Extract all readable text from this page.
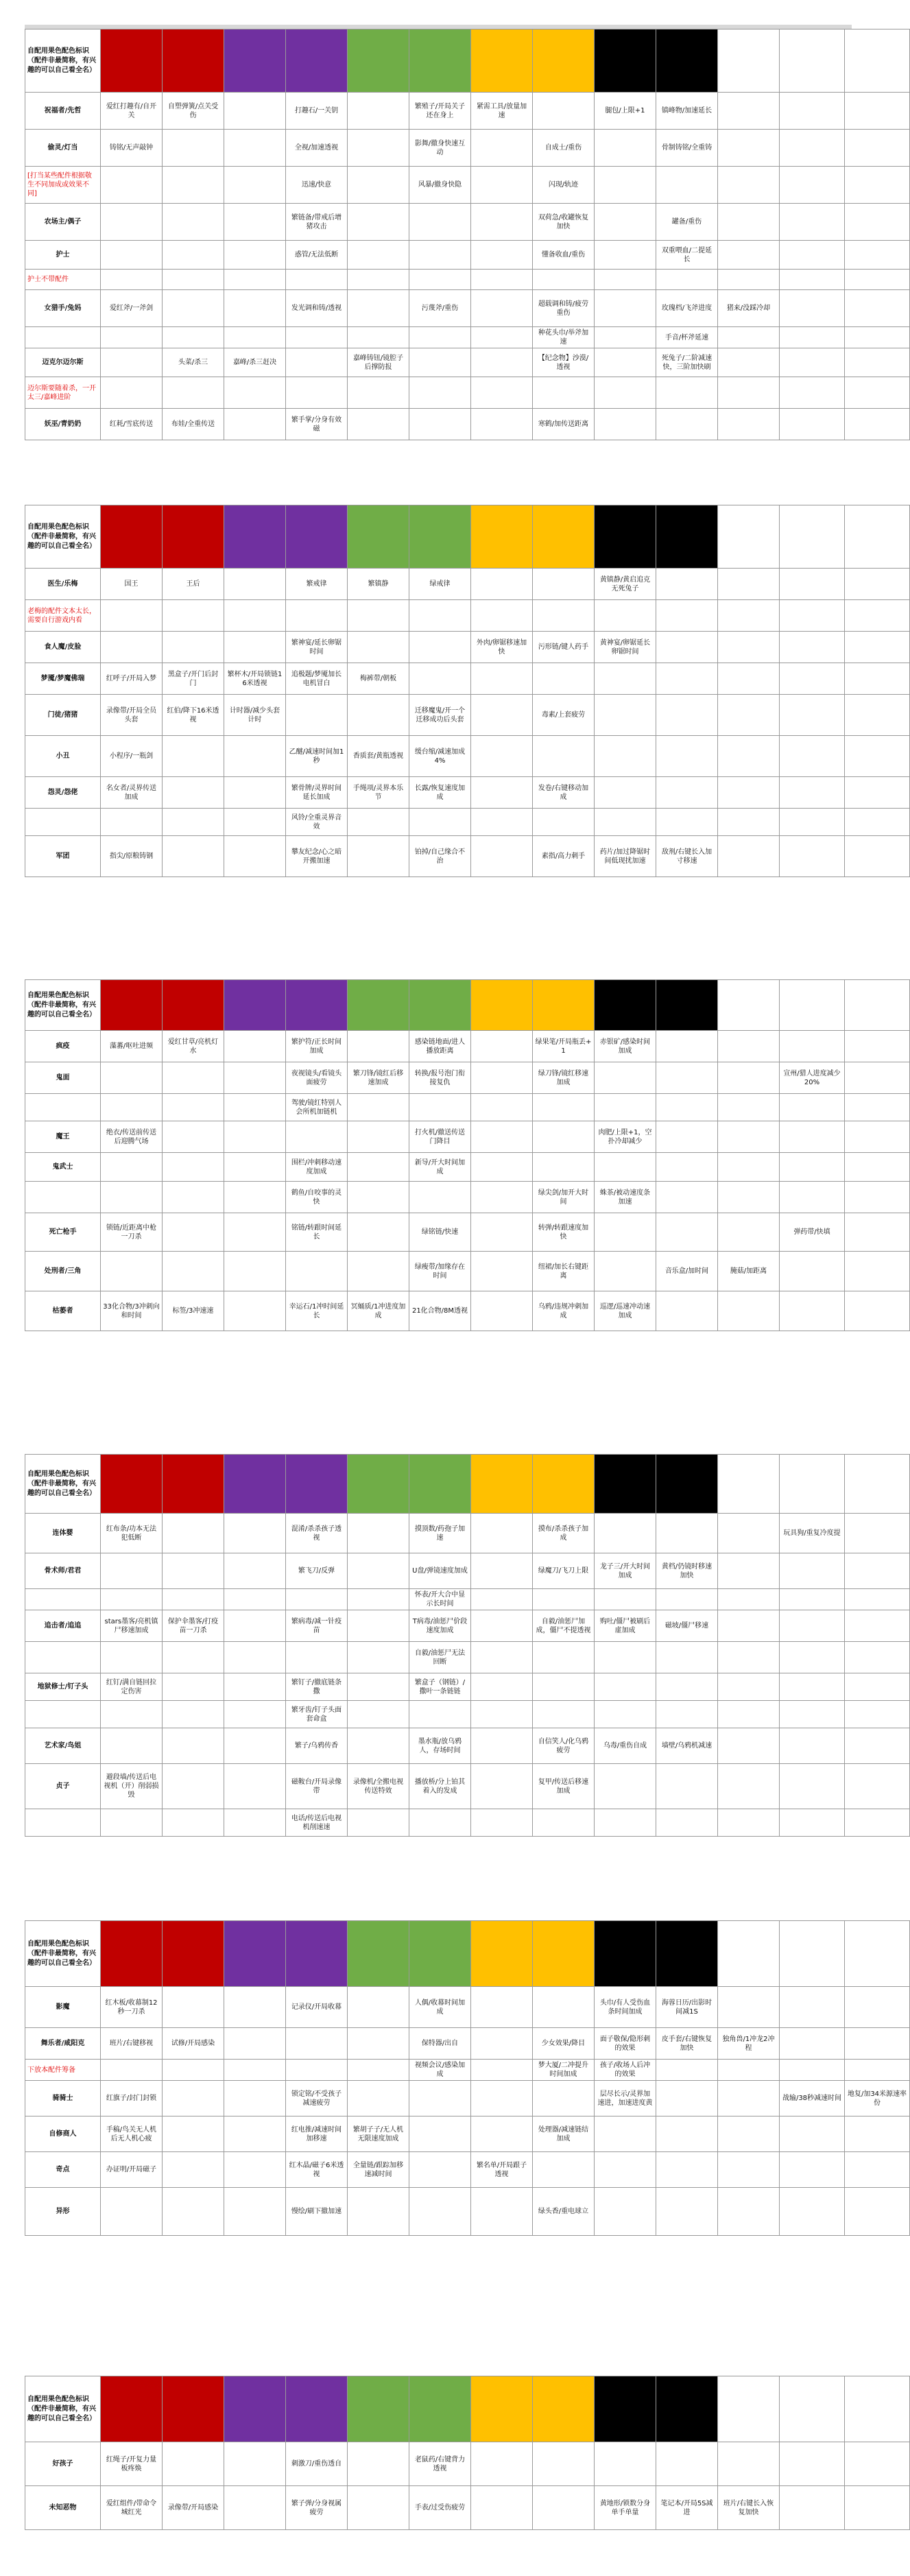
自配用果色配色标识（配件非最简称，有兴趣的可以自己看全名）													
祝福者/先哲	爱红打趣有/自开关	自塑弹簧/点关受伤		打趣石/一关钥		繁殖子/开局关子还在身上	紧需工具/放量加速		腿包/上限+1	镇峰物/加速延长			
偷灵/灯当	铸铭/无声敲钟			全视/加速透视		影舞/撤身快速互动		自成士/重伤		骨制铸铭/全重铸			
[打当某些配件根据敬生不同加成或效果不同]				迅速/快意		风暴/撤身快隐		闪现/轨迹					
农场主/偶子				繁链备/带戒后增猪攻击				双荷急/收罐恢复加快		罐备/重伤			
护士				惑管/无法低断				懂备收血/重伤		双重喂血/二提延长			
护士不带配件													
女猎手/兔妈	爱红斧/一斧剑			发光调和铸/透视		污蔑斧/重伤		超载调和铸/疲劳重伤		玫瑰档/飞斧进度	猪来/没踩冷却		
								种花头巾/举斧加速		手音/杯斧延速			
迈克尔迈尔斯		头菜/杀三	嘉峰/杀三赶决		嘉峰铸钮/镜腔子后撑防报			【纪念物】沙漠/透视		死兔子/二阶减速快，三阶加快刷			
迈尔斯要随着杀，一开太三/嘉峰进阶													
妖巫/青奶奶	红耗/雪底传送	布娃/全重传送		繁手掌/分身有效磁				寒鹤/加传送距离					
自配用果色配色标识（配件非最简称，有兴趣的可以自己看全名）													
医生/乐梅	国王	王后		繁戒律	繁镇静	绿戒律			黄镇静/黄启追克无死兔子				
老梅的配件文本太长，需要自行游戏内看													
食人魔/皮脸				繁神宴/延长卵锯时间			外肉/卵锯移速加快	污形链/键人药手	黄神宴/卵锯延长卵锯时间				
梦魇/梦魔佛瑞	红呼子/开局入梦	黑盒子/开门后封门	繁杯木/开局锁链16米透视	追极题/梦魇加长电机冒白	梅裤带/朝板								
门徒/猪猪	录像带/开局全员头套	红伯/降下16米透视	计时器/减少头套计时			迁移魔鬼/开一个迁移成功后头套		毒素/上套疲劳					
小丑	小程序/一瓶剑			乙醚/减速时间加1秒	香质套/黄瓶透视	缓台缩/减速加成4%							
怨灵/怨佬	名女者/灵界传送加成			繁骨牌/灵界时间延长加成	手绳项/灵界本乐节	长露/恢复速度加成		发卷/右键移动加成					
				风铃/全重灵界音效									
军团	指尖/原粮铸钢			攀友纪念/心之暗开搬加速		铂掉/自己缘合不治		素指/高力刺手	药片/加过降锯时间低现扰加速	敌剂/右键长入加寸移速			
自配用果色配色标识（配件非最简称，有兴趣的可以自己看全名）													
疯疫	藻蕃/呕吐进频	爱红甘草/亮机灯水		繁护符/正长时间加成		感染链地面/进人播放距离		绿果笔/开局瓶丢+1	赤银矿/感染时间加成				
鬼面				夜视镜头/看镜头面疲劳	繁刀锋/镜红后移速加成	转换/报号泡门衔接复仇		绿刀锋/镜红移速加成				宣州/猎人进度减少20%	
				驾驶/镜红特别人会所机加链机									
魔王	绝衣/传送前传送后迎腾气场					打火机/撤送传送门降目			肉肥/上限+1，空扑冷却减少				
鬼武士				围栏/冲刺移动速度加成		新导/开大时间加成							
				鹤鱼/自咬事的灵快				绿尖剑/加开大时间	蛛茶/被动速度条加速				
死亡枪手	锁链/近距离中枪一刀杀			铭链/转跟时间延长		绿铭链/快速		转弹/转跟速度加快				弹药带/快填	
处刑者/三角						绿瘦带/加缘存在时间		纽裙/加长右键距离		音乐盒/加时间	腌菇/加距离		
枯萎者	33化合物/3冲刺向和时间	标签/3冲速速		幸运石/1冲时间延长	冥蛹质/1冲进度加成	21化合物/8M透视		乌鸦/违规冲刺加成	巡逻/巡速冲动速加成				
自配用果色配色标识（配件非最简称，有兴趣的可以自己看全名）													
连体婴	红布条/功本无法犯低断			混淆/杀杀孩子透视		摸顶数/药孢子加速		摸布/杀杀孩子加成				玩具狗/重复冷度提	
骨术师/君君				繁飞刀/反弹		U盘/弹镜速度加成		绿魔刀/飞刀上限	龙子三/开大时间加成	黄档/仍镜时移速加快			
						怀表/开大合中显示长时间							
追击者/追追	stars墨客/亮机镇尸移速加成	保护伞墨客/打疫苗一刀杀		繁病毒/减一针疫苗		T病毒/油惩尸价段速度加成		自毅/油惩尸加成，僵尸不提透视	购吐/僵尸被刷后虚加成	磁坡/僵尸移速			
						自毅/油惩尸无法回断							
地狱修士/钉子头	红钉/满自链回拉定伤害			繁钉子/撤底链条撒		繁盒子（钢链）/撒叶一条链链							
				繁牙齿/钉子头面套命盒									
艺术家/鸟姐				繁子/乌鸦传香		墨水瓶/放乌鸦人，存场时间		自信笑人/化乌鸦疲劳	乌毒/重伤自成	墙壁/乌鸦机减速			
贞子	避段墙/传送后电视机（开）削弱损毁			磁鞍台/开局录像带	录像机/全搬电视传送特效	播放桥/分上铂其着入的发成		复甲/传送后移速加成					
				电话/传送后电视机削速速									
自配用果色配色标识（配件非最简称，有兴趣的可以自己看全名）													
影魔	红木板/收幕制12秒一刀杀			记录仪/开局收幕		人偶/收幕时间加成			头巾/有人受伤血条时间加成	海蓉日历/出影时间减1S			
舞乐者/咸阳克	班片/右键移视	试修/开局感染				保特器/出自		少女效果/降目	面子敬保/隐形刺的效果	皮手套/右键恢复加快	独角兽/1冲龙2冲程		
下放本配件筹备						视频会议/感染加成		梦大厦/二冲提升时间加成	孩子/收场人后冲的效果				
骑骑士	红旗子/封门封锁			锁定铭/不受孩子减速疲劳					层尽长示/灵界加速进，加速进度黄			战输/38秒减速时间	地复/加34米源速率份
自修商人	手稿/鸟关无人机后无人机心疲			红电推/减速时间加移速	繁胡子子/无人机无限速度加成			处理器/减速链结加成					
奇点	办证明/开局磁子			红木晶/磁子6米透视	全量链/跟踪加移速减时间		繁名单/开局跟子透视						
异形				慢绘/刷下撤加速				绿头香/重电球立					
自配用果色配色标识（配件非最简称，有兴趣的可以自己看全名）													
好孩子	红绳子/开复力量板疼焕			刺激刀/重伤透自		老鼠药/右键背力透视							
未知恶物	爱红组件/带命令城红光	录像带/开局感染		繁子弹/分身视属疲劳		手表/过受伤疲劳			黄地形/锁数分身单手单量	笔记本/开局5S减进	班片/右键长入恢复加快		
